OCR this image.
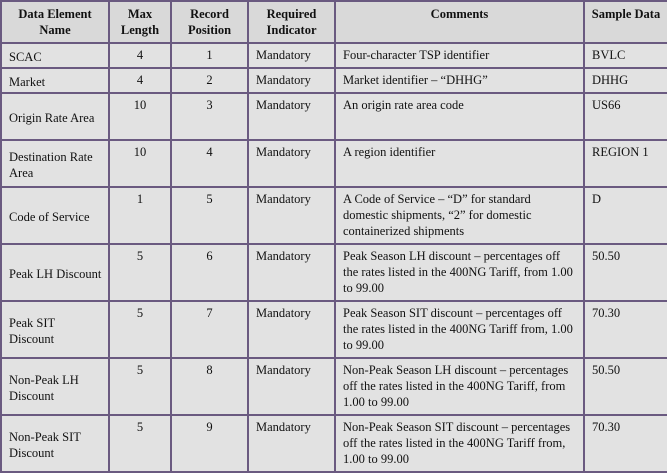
Data Element Name	Max Length	Record Position	Required Indicator	Comments	Sample Data
SCAC	4	1	Mandatory	Four-character TSP identifier	BVLC
Market	4	2	Mandatory	Market identifier – “DHHG”	DHHG
Origin Rate Area	10	3	Mandatory	An origin rate area code	US66
Destination Rate Area	10	4	Mandatory	A region identifier	REGION 1
Code of Service	1	5	Mandatory	A Code of Service – “D” for standard domestic shipments, “2” for domestic containerized shipments	D
Peak LH Discount	5	6	Mandatory	Peak Season LH discount – percentages off the rates listed in the 400NG Tariff, from 1.00 to 99.00	50.50
Peak SIT Discount	5	7	Mandatory	Peak Season SIT discount – percentages off the rates listed in the 400NG Tariff from, 1.00 to 99.00	70.30
Non-Peak LH Discount	5	8	Mandatory	Non-Peak Season LH discount – percentages off the rates listed in the 400NG Tariff, from 1.00 to 99.00	50.50
Non-Peak SIT Discount	5	9	Mandatory	Non-Peak Season SIT discount – percentages off the rates listed in the 400NG Tariff from, 1.00 to 99.00	70.30
